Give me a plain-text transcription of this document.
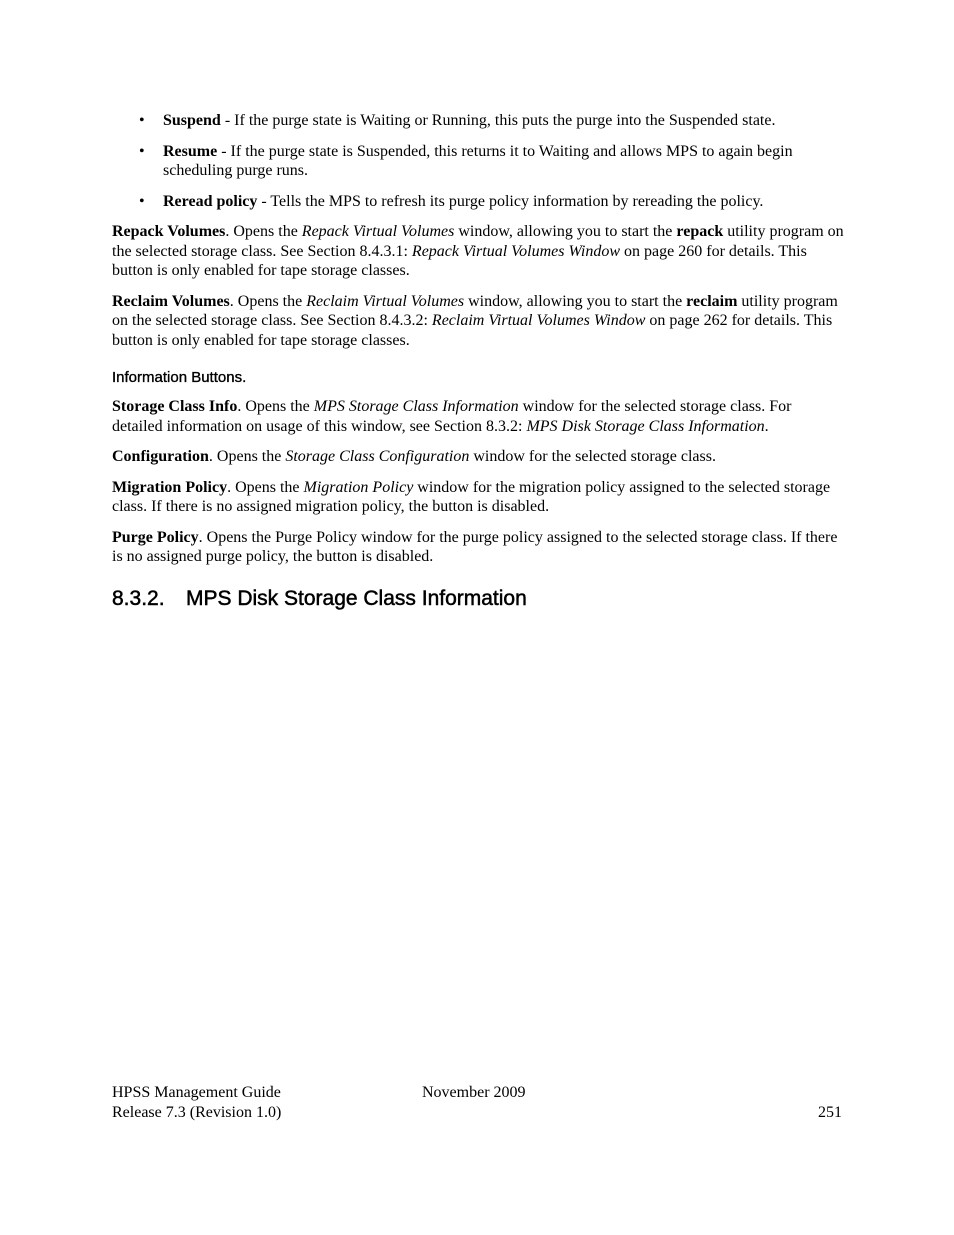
• Suspend - If the purge state is Waiting or Running, this puts the purge into the Suspended state.
• Resume - If the purge state is Suspended, this returns it to Waiting and allows MPS to again begin scheduling purge runs.
• Reread policy - Tells the MPS to refresh its purge policy information by rereading the policy.

Repack Volumes. Opens the Repack Virtual Volumes window, allowing you to start the repack utility program on the selected storage class. See Section 8.4.3.1: Repack Virtual Volumes Window on page 260 for details. This button is only enabled for tape storage classes.

Reclaim Volumes. Opens the Reclaim Virtual Volumes window, allowing you to start the reclaim utility program on the selected storage class. See Section 8.4.3.2: Reclaim Virtual Volumes Window on page 262 for details. This button is only enabled for tape storage classes.

Information Buttons.

Storage Class Info. Opens the MPS Storage Class Information window for the selected storage class. For detailed information on usage of this window, see Section 8.3.2: MPS Disk Storage Class Information.

Configuration. Opens the Storage Class Configuration window for the selected storage class.

Migration Policy. Opens the Migration Policy window for the migration policy assigned to the selected storage class. If there is no assigned migration policy, the button is disabled.

Purge Policy. Opens the Purge Policy window for the purge policy assigned to the selected storage class. If there is no assigned purge policy, the button is disabled.

8.3.2. MPS Disk Storage Class Information
HPSS Management Guide	November 2009
Release 7.3 (Revision 1.0)	251
